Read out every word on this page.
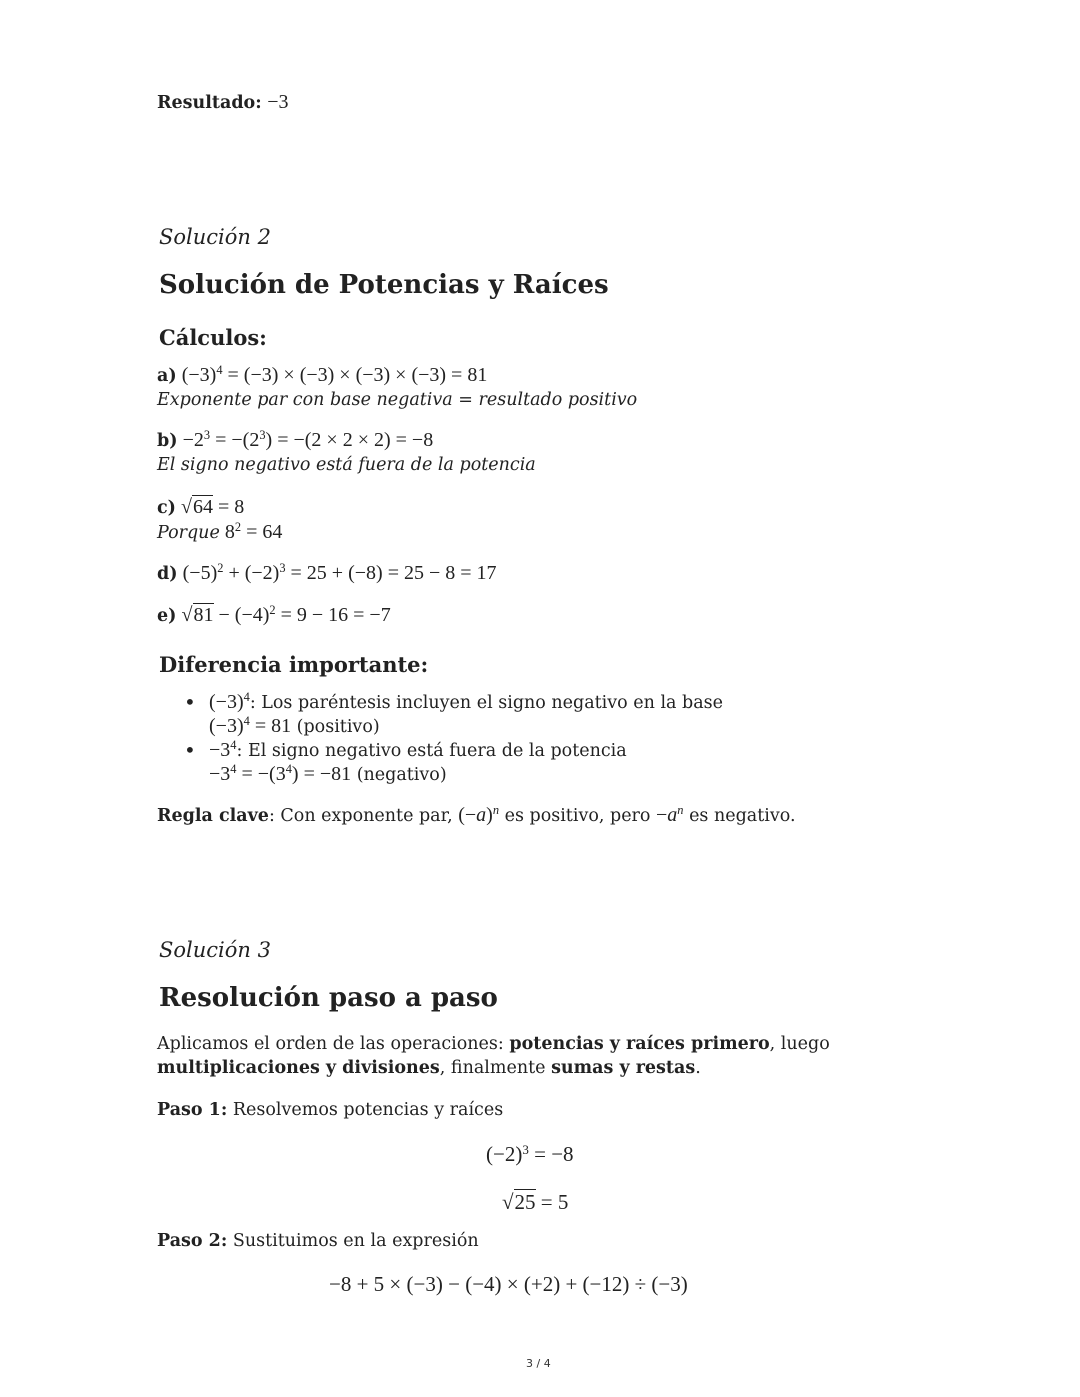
Resultado: −3
Solución 2
Solución de Potencias y Raíces
Cálculos:
a) $(-3)^4 = (-3) \times (-3) \times (-3) \times (-3) = 81$
Exponente par con base negativa = resultado positivo
$b) -2^3 = -(2^3) = -(2 \times 2 \times 2) = -8$
El signo negativo está fuera de la potencia
c) √64 = 8
Porque $8^2 = 64$
d) $(-5)^2 + (-2)^3 = 25 + (-8) = 25 - 8 = 17$
e) $√81 - (-4)^2 = 9 - 16 = -7$
Diferencia importante:
• $(-3)^4$: Los paréntesis incluyen el signo negativo en la base
$(-3)^4 = 81$ (positivo)
• $-3^4$: El signo negativo está fuera de la potencia
$-3^4 = -(3^4) = -81$ (negativo)
Regla clave: Con exponente par, $(-a)^n$ es positivo, pero $-a^n$ es negativo.
Solución 3
Resolución paso a paso
Aplicamos el orden de las operaciones: potencias y raíces primero, luego
multiplicaciones y divisiones, finalmente sumas y restas.
Paso 1: Resolvemos potencias y raíces
$(-2)^3 = -8$
√25 = 5
Paso 2: Sustituimos en la expresión
−8 + 5 × (−3) − (−4) × (+2) + (−12) ÷ (−3)
3 / 4
